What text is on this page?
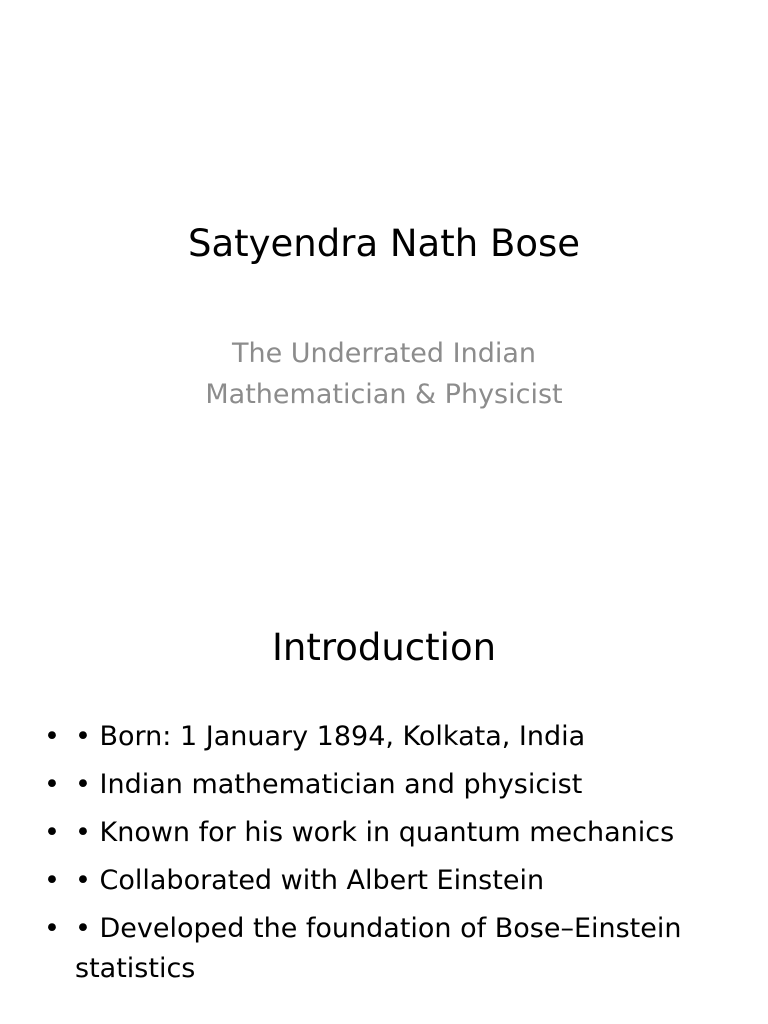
Satyendra Nath Bose
The Underrated Indian
Mathematician & Physicist
Introduction
• • Born: 1 January 1894, Kolkata, India
• • Indian mathematician and physicist
• • Known for his work in quantum mechanics
• • Collaborated with Albert Einstein
• • Developed the foundation of Bose–Einstein statistics
